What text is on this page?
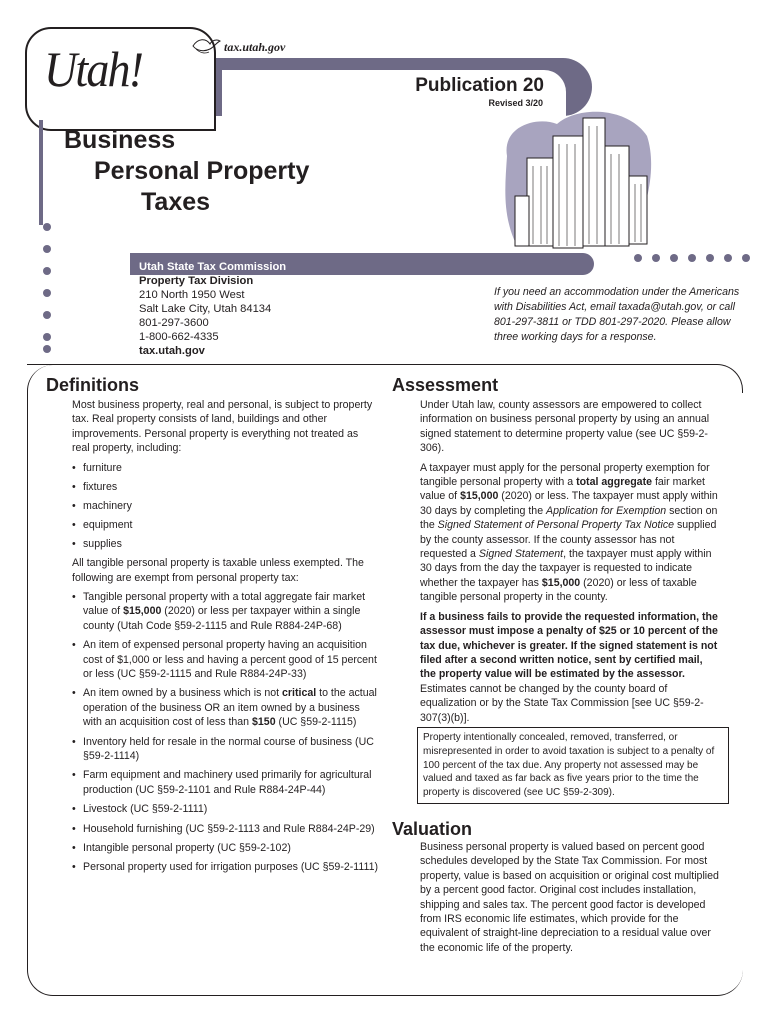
Utah!	tax.utah.gov
Publication 20
Revised 3/20
Business
Personal Property
Taxes
Utah State Tax Commission
Property Tax Division
210 North 1950 West
Salt Lake City, Utah 84134
801-297-3600
1-800-662-4335
tax.utah.gov
If you need an accommodation under the Americans with Disabilities Act, email taxada@utah.gov, or call 801-297-3811 or TDD 801-297-2020. Please allow three working days for a response.
Definitions

Most business property, real and personal, is subject to property tax. Real property consists of land, buildings and other improvements. Personal property is everything not treated as real property, including:

• furniture
• fixtures
• machinery
• equipment
• supplies

All tangible personal property is taxable unless exempted. The following are exempt from personal property tax:

• Tangible personal property with a total aggregate fair market value of $15,000 (2020) or less per taxpayer within a single county (Utah Code §59-2-1115 and Rule R884-24P-68)
• An item of expensed personal property having an acquisition cost of $1,000 or less and having a percent good of 15 percent or less (UC §59-2-1115 and Rule R884-24P-33)
• An item owned by a business which is not critical to the actual operation of the business OR an item owned by a business with an acquisition cost of less than $150 (UC §59-2-1115)
• Inventory held for resale in the normal course of business (UC §59-2-1114)
• Farm equipment and machinery used primarily for agricultural production (UC §59-2-1101 and Rule R884-24P-44)
• Livestock (UC §59-2-1111)
• Household furnishing (UC §59-2-1113 and Rule R884-24P-29)
• Intangible personal property (UC §59-2-102)
• Personal property used for irrigation purposes (UC §59-2-1111)
Assessment

Under Utah law, county assessors are empowered to collect information on business personal property by using an annual signed statement to determine property value (see UC §59-2-306).

A taxpayer must apply for the personal property exemption for tangible personal property with a total aggregate fair market value of $15,000 (2020) or less. The taxpayer must apply within 30 days by completing the Application for Exemption section on the Signed Statement of Personal Property Tax Notice supplied by the county assessor. If the county assessor has not requested a Signed Statement, the taxpayer must apply within 30 days from the day the taxpayer is requested to indicate whether the taxpayer has $15,000 (2020) or less of taxable tangible personal property in the county.

If a business fails to provide the requested information, the assessor must impose a penalty of $25 or 10 percent of the tax due, whichever is greater. If the signed statement is not filed after a second written notice, sent by certified mail, the property value will be estimated by the assessor. Estimates cannot be changed by the county board of equalization or by the State Tax Commission [see UC §59-2-307(3)(b)].

Property intentionally concealed, removed, transferred, or misrepresented in order to avoid taxation is subject to a penalty of 100 percent of the tax due. Any property not assessed may be valued and taxed as far back as five years prior to the time the property is discovered (see UC §59-2-309).
Valuation

Business personal property is valued based on percent good schedules developed by the State Tax Commission. For most property, value is based on acquisition or original cost multiplied by a percent good factor. Original cost includes installation, shipping and sales tax. The percent good factor is developed from IRS economic life estimates, which provide for the equivalent of straight-line depreciation to a residual value over the economic life of the property.
